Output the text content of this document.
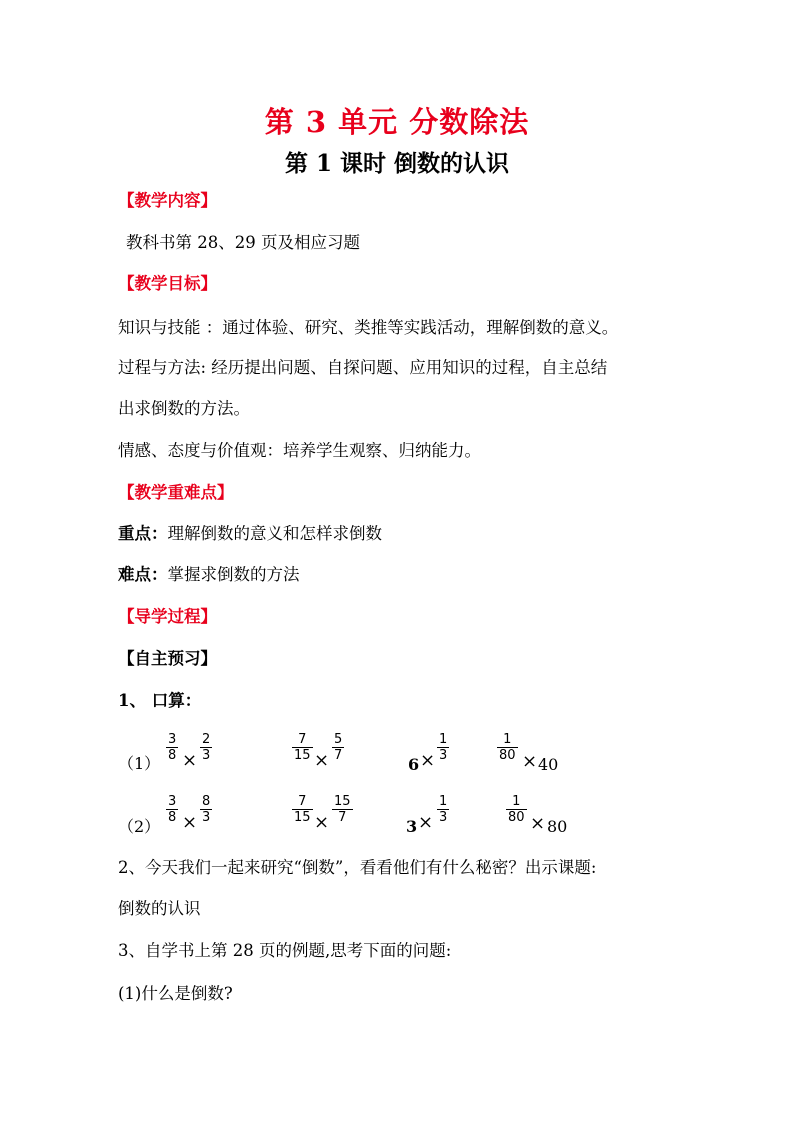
第 3 单元 分数除法
第 1 课时 倒数的认识
【教学内容】
教科书第 28、29 页及相应习题
【教学目标】
知识与技能 ：通过体验、研究、类推等实践活动，理解倒数的意义。
过程与方法: 经历提出问题、自探问题、应用知识的过程，自主总结
出求倒数的方法。
情感、态度与价值观：培养学生观察、归纳能力。
【教学重难点】
重点：理解倒数的意义和怎样求倒数
难点：掌握求倒数的方法
【导学过程】
【自主预习】
1、 口算：
（1）
3
8 ×
2
3
7
15 ×
5
7	6 ×
1
3
1
80 × 40
（2）
3
8 ×
8
3
7
15 ×
15
7	3 ×
1
3
1
80 × 80
2、今天我们一起来研究“倒数”，看看他们有什么秘密？出示课题:
倒数的认识
3、自学书上第 28 页的例题,思考下面的问题:
(1)什么是倒数?
